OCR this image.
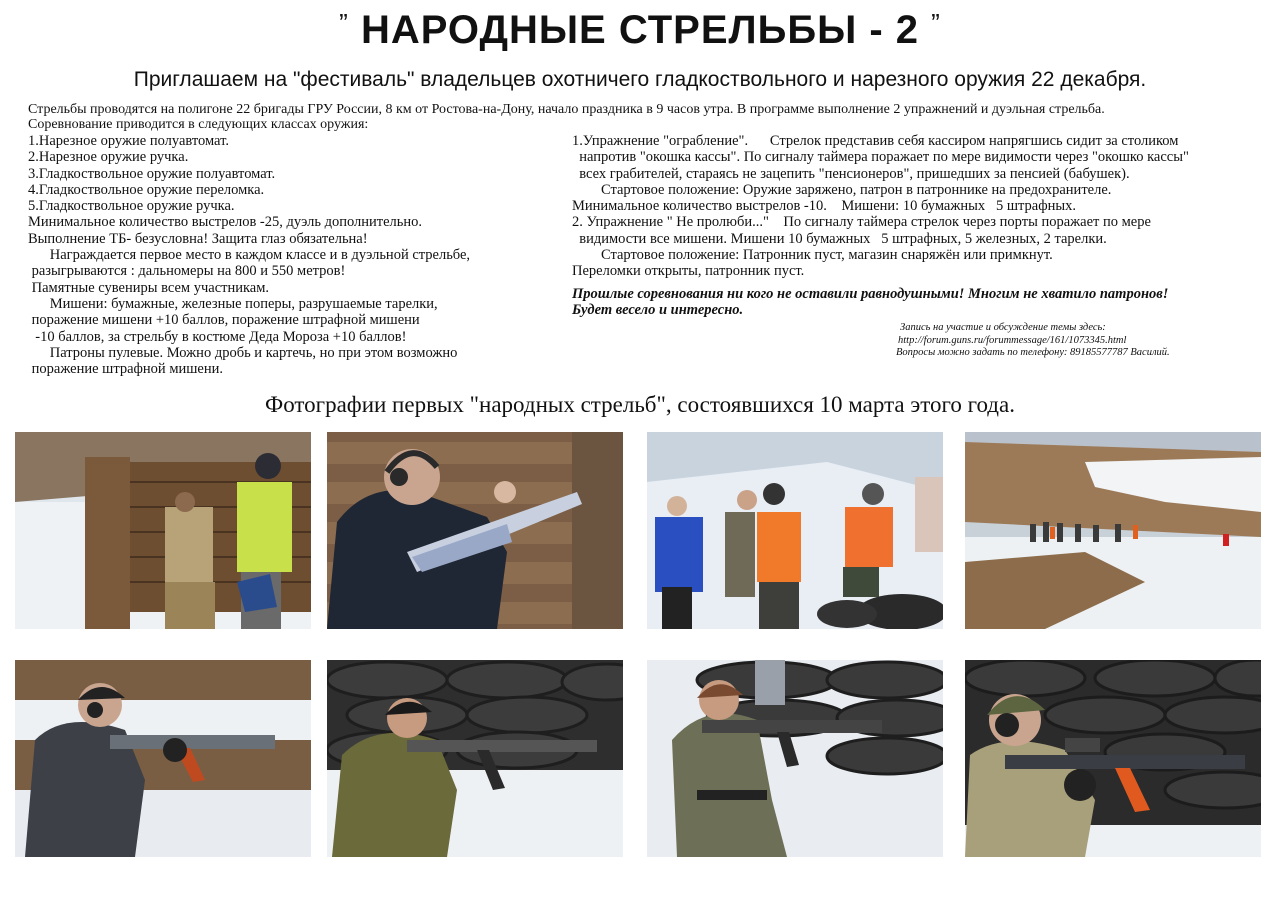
” НАРОДНЫЕ СТРЕЛЬБЫ - 2 ”
Приглашаем на "фестиваль" владельцев охотничего гладкоствольного и нарезного оружия 22 декабря.
Стрельбы проводятся на полигоне 22 бригады ГРУ России, 8 км от Ростова-на-Дону, начало праздника в 9 часов утра. В программе выполнение 2 упражнений и дуэльная стрельба.
Соревнование приводится в следующих классах оружия:
1.Нарезное оружие полуавтомат.
2.Нарезное оружие ручка.
3.Гладкоствольное оружие полуавтомат.
4.Гладкоствольное оружие переломка.
5.Гладкоствольное оружие ручка.
Минимальное количество выстрелов -25, дуэль дополнительно.
Выполнение ТБ- безусловна! Защита глаз обязательна!
Награждается первое место в каждом классе и в дуэльной стрельбе,
разыгрываются : дальномеры на 800 и 550 метров!
Памятные сувениры всем участникам.
Мишени: бумажные, железные поперы, разрушаемые тарелки,
поражение мишени +10 баллов, поражение штрафной мишени
-10 баллов, за стрельбу в костюме Деда Мороза +10 баллов!
Патроны пулевые. Можно дробь и картечь, но при этом возможно
поражение штрафной мишени.
1.Упражнение "ограбление".      Стрелок представив себя кассиром напрягшись сидит за столиком
напротив "окошка кассы". По сигналу таймера поражает по мере видимости через "окошко кассы"
всех грабителей, стараясь не зацепить "пенсионеров", пришедших за пенсией (бабушек).
Стартовое положение: Оружие заряжено, патрон в патроннике на предохранителе.
Минимальное количество выстрелов -10.    Мишени: 10 бумажных   5 штрафных.
2. Упражнение " Не пролюби..."    По сигналу таймера стрелок через порты поражает по мере
видимости все мишени. Мишени 10 бумажных   5 штрафных, 5 железных, 2 тарелки.
Стартовое положение: Патронник пуст, магазин снаряжён или примкнут.
Переломки открыты, патронник пуст.
Прошлые соревнования ни кого не оставили равнодушными! Многим не хватило патронов!
Будет весело и интересно.
Запись на участие и обсуждение темы здесь:
http://forum.guns.ru/forummessage/161/1073345.html
Вопросы можно задать по телефону: 89185577787 Василий.
Фотографии первых "народных стрельб", состоявшихся 10 марта этого года.
